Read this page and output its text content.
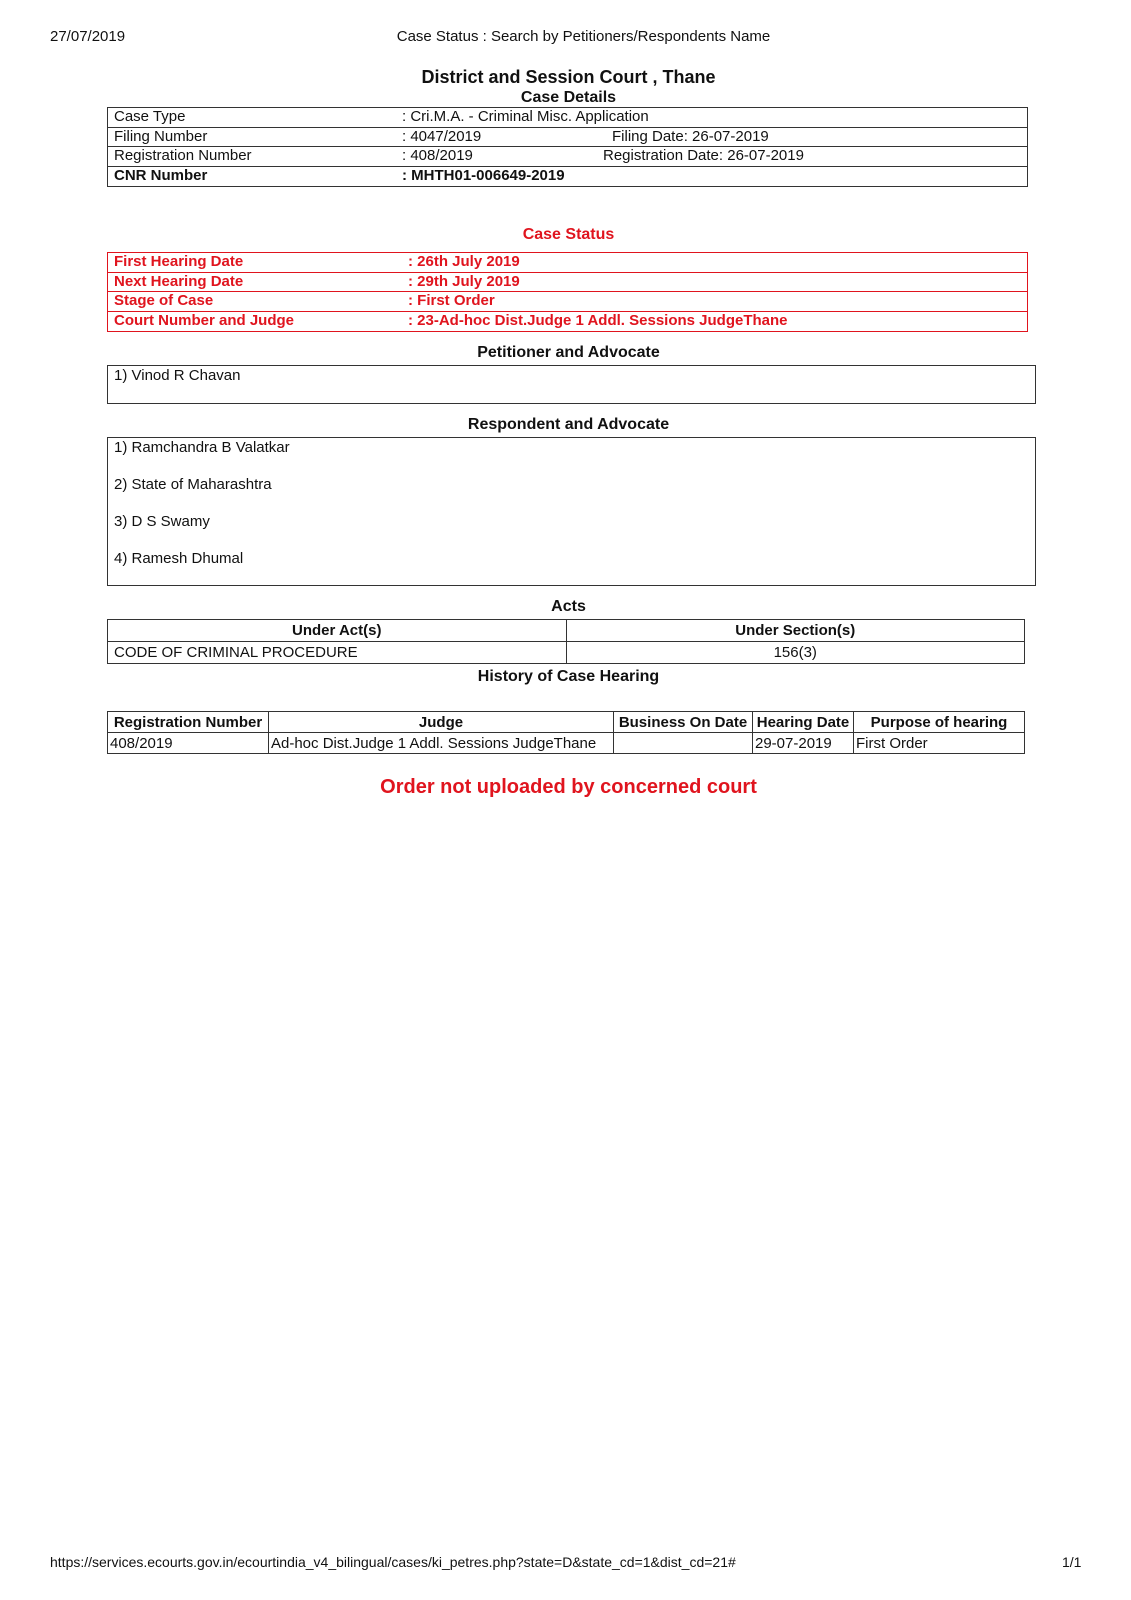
27/07/2019	Case Status : Search by Petitioners/Respondents Name
District and Session Court , Thane
Case Details
Case Type	: Cri.M.A. - Criminal Misc. Application
Filing Number	: 4047/2019	Filing Date: 26-07-2019
Registration Number	: 408/2019	Registration Date: 26-07-2019
CNR Number	: MHTH01-006649-2019
Case Status
First Hearing Date	: 26th July 2019
Next Hearing Date	: 29th July 2019
Stage of Case	: First Order
Court Number and Judge	: 23-Ad-hoc Dist.Judge 1 Addl. Sessions JudgeThane
Petitioner and Advocate
1) Vinod R Chavan
Respondent and Advocate
1) Ramchandra B Valatkar
2) State of Maharashtra
3) D S Swamy
4) Ramesh Dhumal
Acts
Under Act(s)	Under Section(s)
CODE OF CRIMINAL PROCEDURE	156(3)
History of Case Hearing
Registration Number	Judge	Business On Date	Hearing Date	Purpose of hearing
408/2019	Ad-hoc Dist.Judge 1 Addl. Sessions JudgeThane		29-07-2019	First Order
Order not uploaded by concerned court
https://services.ecourts.gov.in/ecourtindia_v4_bilingual/cases/ki_petres.php?state=D&state_cd=1&dist_cd=21#	1/1
